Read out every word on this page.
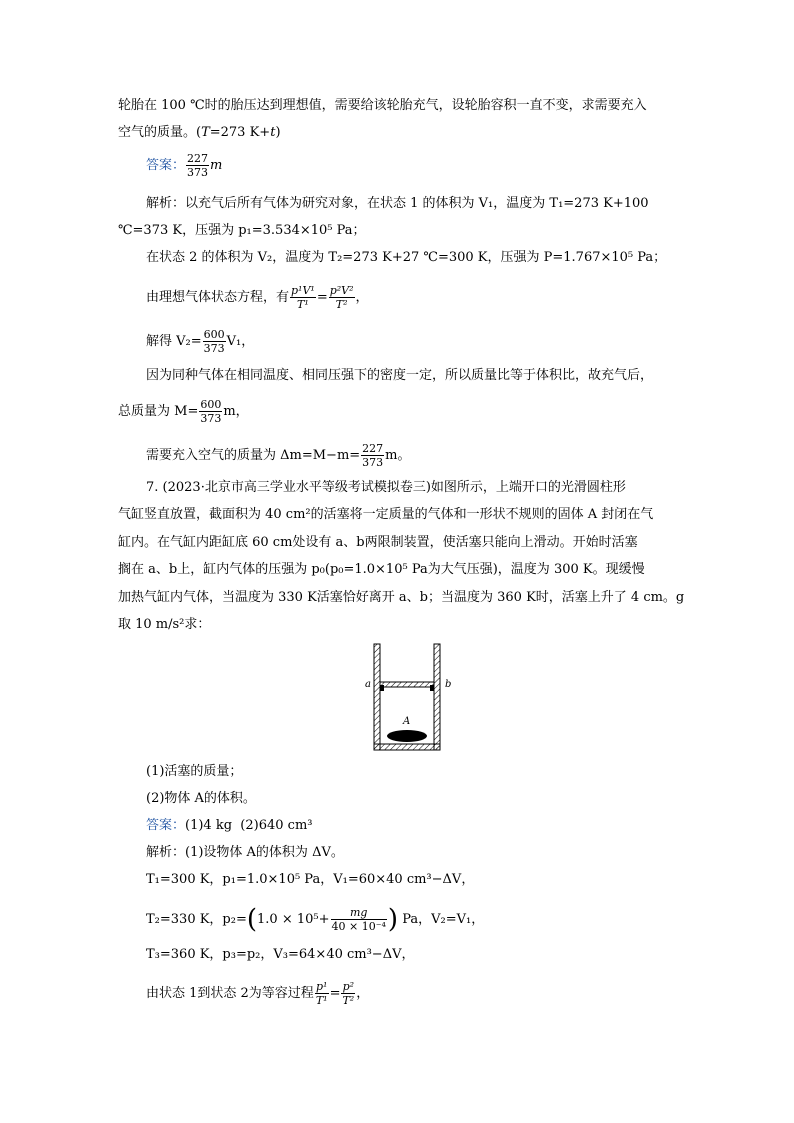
轮胎在 100 ℃时的胎压达到理想值，需要给该轮胎充气，设轮胎容积一直不变，求需要充入
空气的质量。(T=273 K+t)
答案： $\frac{227}{373}$ m
解析：以充气后所有气体为研究对象，在状态 1 的体积为 V₁，温度为 T₁=273 K+100
℃=373 K，压强为 p₁=3.534×10⁵ Pa；
在状态 2 的体积为 V₂，温度为 T₂=273 K+27 ℃=300 K，压强为 P=1.767×10⁵ Pa；
由理想气体状态方程，有 $\frac{\text{p¹V¹}}{\text{T¹}} = \frac{\text{p²V²}}{\text{T²}}$ ，
解得 $V_2= \frac{600}{373} V_1$，
因为同种气体在相同温度、相同压强下的密度一定，所以质量比等于体积比，故充气后，
总质量为 $M= \frac{600}{373}$ m，
需要充入空气的质量为 $\Delta m=M-m= \frac{227}{373}$ m。
7. (2023·北京市高三学业水平等级考试模拟卷三)如图所示，上端开口的光滑圆柱形
气缸竖直放置，截面积为 40 cm²的活塞将一定质量的气体和一形状不规则的固体 A 封闭在气
缸内。在气缸内距缸底 60 cm处设有 a、b两限制装置，使活塞只能向上滑动。开始时活塞
搁在 a、b上，缸内气体的压强为 p₀(p₀=1.0×10⁵ Pa为大气压强)，温度为 300 K。现缓慢
加热气缸内气体，当温度为 330 K活塞恰好离开 a、b；当温度为 360 K时，活塞上升了 4 cm。g
取 10 m/s²求：
a	b
A
(1)活塞的质量；
(2)物体 A的体积。
答案：(1)4 kg  (2)640 cm³
解析：(1)设物体 A的体积为 ΔV。
T₁=300 K，p₁=1.0×10⁵ Pa，V₁=60×40 cm³−ΔV，
T₂=330 K，$p_2=(1.0 \times 10^5+ \frac{mg}{\text{40 × 10⁻⁴}}$ ) Pa，V₂=V₁，
T₃=360 K，p₃=p₂，V₃=64×40 cm³−ΔV，
由状态 1到状态 2为等容过程 $\frac{\text{p¹}}{\text{T¹}} = \frac{\text{p²}}{\text{T²}}$ ，
